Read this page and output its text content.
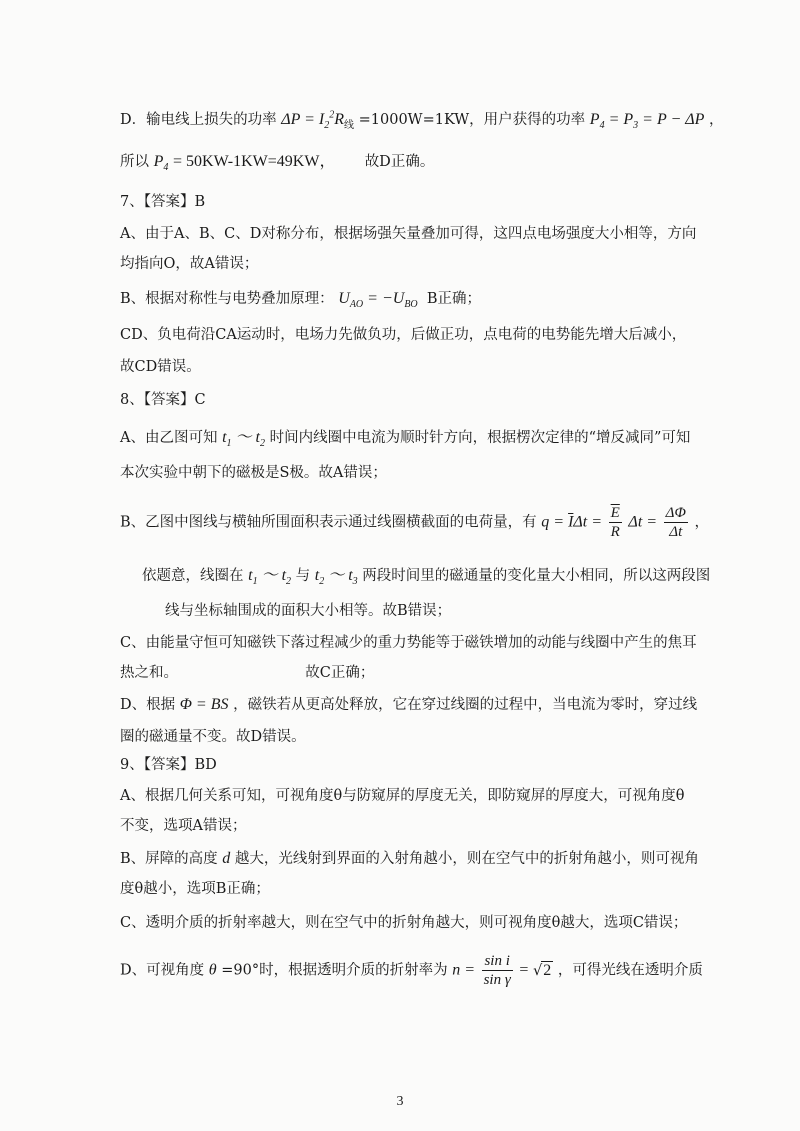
D．输电线上损失的功率 $\Delta P = I_2^2R_线 =1000W=1KW$，用户获得的功率 $P_4 = P_3 = P - \Delta P$ ，
所以 $P_4 = 50KW-1KW=49KW$， 故D正确。
7、【答案】B
A、由于A、B、C、D对称分布，根据场强矢量叠加可得，这四点电场强度大小相等，方向
均指向O，故A错误；
B、根据对称性与电势叠加原理： $U_{AO} = -U_{BO}$ B正确；
CD、负电荷沿CA运动时，电场力先做负功，后做正功，点电荷的电势能先增大后减小，
故CD错误。
8、【答案】C
A、由乙图可知 $t_1$ ～ $t_2$ 时间内线圈中电流为顺时针方向，根据楞次定律的“增反减同”可知
本次实验中朝下的磁极是S极。故A错误；
B、乙图中图线与横轴所围面积表示通过线圈横截面的电荷量，有 $q = \overline{I}\Delta t = \frac{\overline{E}}{R}$ $\Delta t = \frac{\Delta\Phi}{\Delta t}$ ，
依题意，线圈在 $t_1$ ～ $t_2$ 与 $t_2$ ～ $t_3$ 两段时间里的磁通量的变化量大小相同，所以这两段图
线与坐标轴围成的面积大小相等。故B错误；
C、由能量守恒可知磁铁下落过程减少的重力势能等于磁铁增加的动能与线圈中产生的焦耳
热之和。	故C正确；
D、根据 Φ = BS ，磁铁若从更高处释放，它在穿过线圈的过程中，当电流为零时，穿过线
圈的磁通量不变。故D错误。
9、【答案】BD
A、根据几何关系可知，可视角度θ与防窥屏的厚度无关，即防窥屏的厚度大，可视角度θ
不变，选项A错误；
B、屏障的高度 d 越大，光线射到界面的入射角越小，则在空气中的折射角越小，则可视角
度θ越小，选项B正确；
C、透明介质的折射率越大，则在空气中的折射角越大，则可视角度θ越大，选项C错误；
D、可视角度 θ =90°时，根据透明介质的折射率为 $n = \frac{\text{sin i}}{\text{sin γ}} = √2$ ，可得光线在透明介质
3
